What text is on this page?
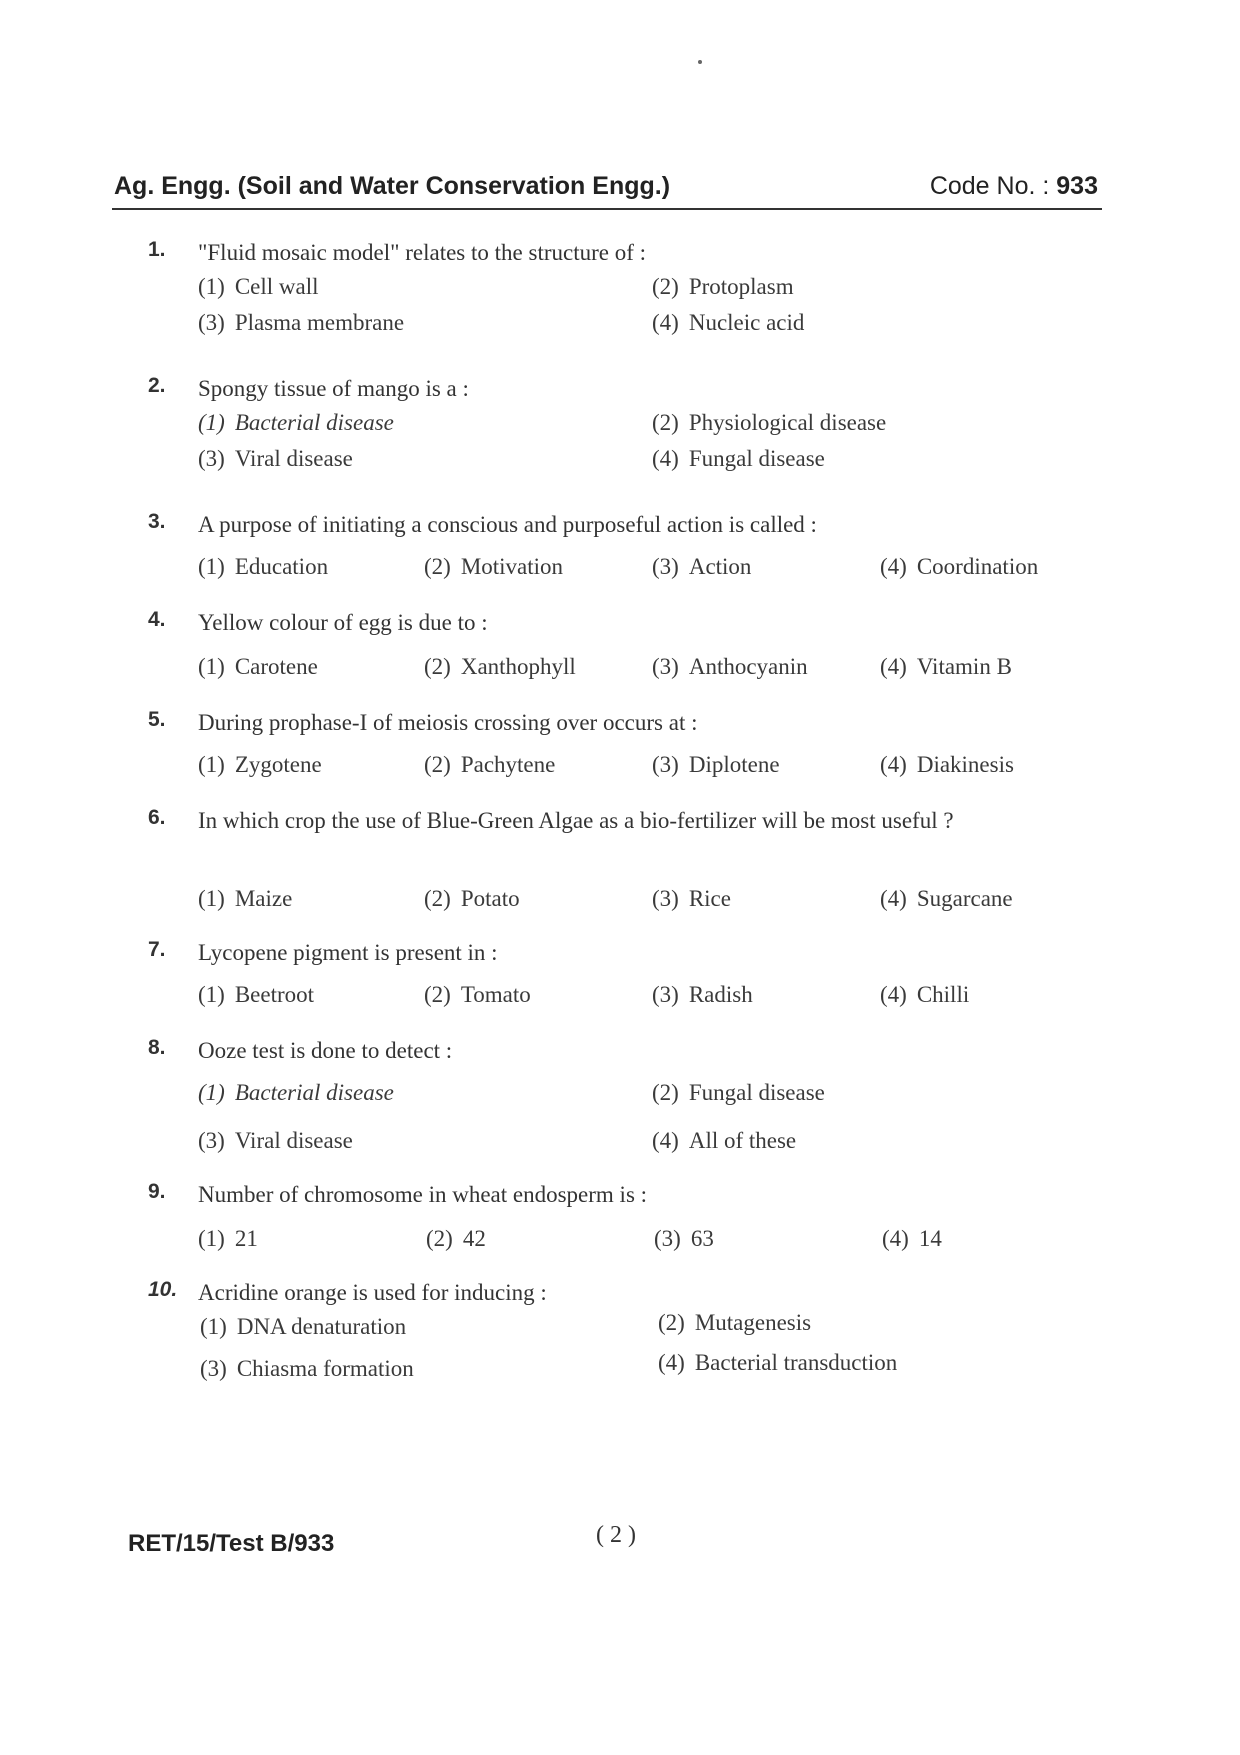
Ag. Engg. (Soil and Water Conservation Engg.)	Code No. : 933
1.	"Fluid mosaic model" relates to the structure of :
(1) Cell wall	(2) Protoplasm
(3) Plasma membrane	(4) Nucleic acid
2.	Spongy tissue of mango is a :
(1) Bacterial disease	(2) Physiological disease
(3) Viral disease	(4) Fungal disease
3.	A purpose of initiating a conscious and purposeful action is called :
(1) Education	(2) Motivation	(3) Action	(4) Coordination
4.	Yellow colour of egg is due to :
(1) Carotene	(2) Xanthophyll	(3) Anthocyanin	(4) Vitamin B
5.	During prophase-I of meiosis crossing over occurs at :
(1) Zygotene	(2) Pachytene	(3) Diplotene	(4) Diakinesis
6.	In which crop the use of Blue-Green Algae as a bio-fertilizer will be most useful ?
(1) Maize	(2) Potato	(3) Rice	(4) Sugarcane
7.	Lycopene pigment is present in :
(1) Beetroot	(2) Tomato	(3) Radish	(4) Chilli
8.	Ooze test is done to detect :
(1) Bacterial disease	(2) Fungal disease
(3) Viral disease	(4) All of these
9.	Number of chromosome in wheat endosperm is :
(1) 21	(2) 42	(3) 63	(4) 14
10. Acridine orange is used for inducing :
(1) DNA denaturation	(2) Mutagenesis
(3) Chiasma formation	(4) Bacterial transduction
RET/15/Test B/933	( 2 )
